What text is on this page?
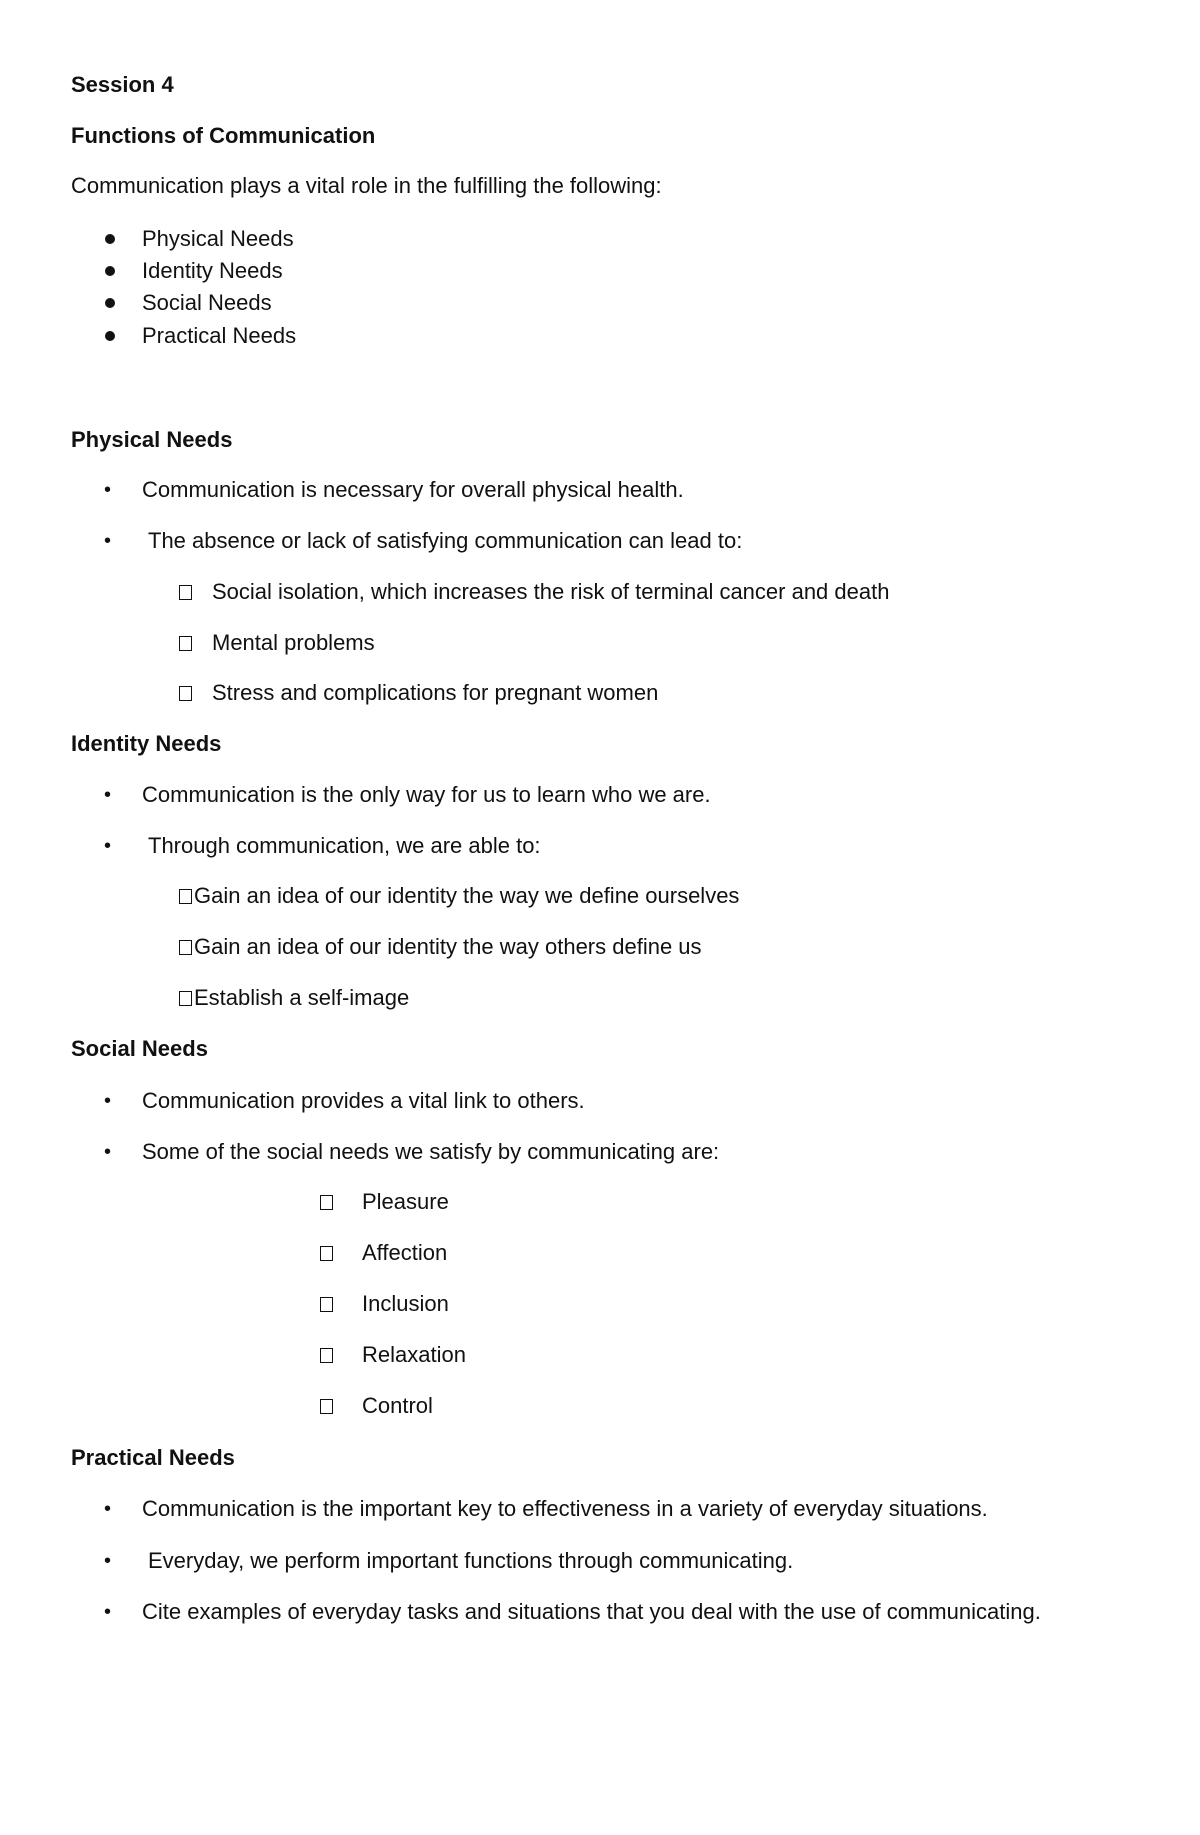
Session 4
Functions of Communication
Communication plays a vital role in the fulfilling the following:
Physical Needs
Identity Needs
Social Needs
Practical Needs
Physical Needs
• Communication is necessary for overall physical health.
• The absence or lack of satisfying communication can lead to:
Social isolation, which increases the risk of terminal cancer and death
Mental problems
Stress and complications for pregnant women
Identity Needs
• Communication is the only way for us to learn who we are.
• Through communication, we are able to:
Gain an idea of our identity the way we define ourselves
Gain an idea of our identity the way others define us
Establish a self-image
Social Needs
• Communication provides a vital link to others.
• Some of the social needs we satisfy by communicating are:
Pleasure
Affection
Inclusion
Relaxation
Control
Practical Needs
• Communication is the important key to effectiveness in a variety of everyday situations.
• Everyday, we perform important functions through communicating.
• Cite examples of everyday tasks and situations that you deal with the use of communicating.
